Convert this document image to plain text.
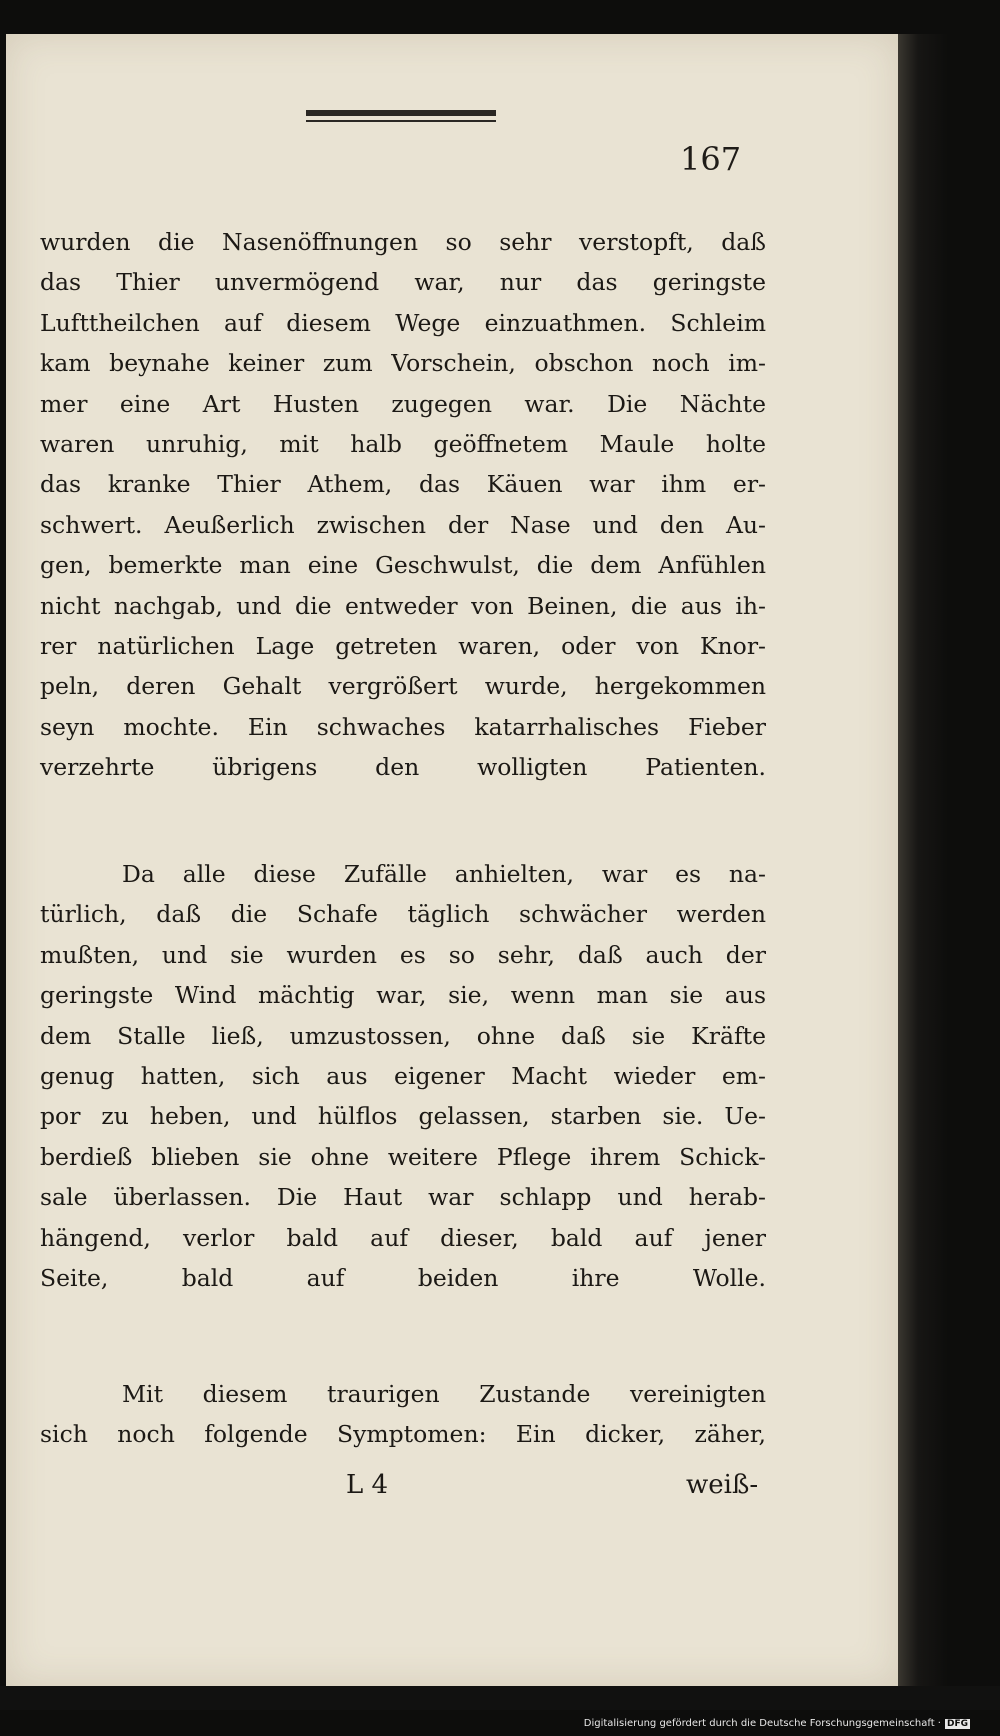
167
wurden die Nasenöffnungen so sehr verstopft, daß
das Thier unvermögend war, nur das geringste
Lufttheilchen auf diesem Wege einzuathmen. Schleim
kam beynahe keiner zum Vorschein, obschon noch im-
mer eine Art Husten zugegen war. Die Nächte
waren unruhig, mit halb geöffnetem Maule holte
das kranke Thier Athem, das Käuen war ihm er-
schwert. Aeußerlich zwischen der Nase und den Au-
gen, bemerkte man eine Geschwulst, die dem Anfühlen
nicht nachgab, und die entweder von Beinen, die aus ih-
rer natürlichen Lage getreten waren, oder von Knor-
peln, deren Gehalt vergrößert wurde, hergekommen
seyn mochte. Ein schwaches katarrhalisches Fieber
verzehrte übrigens den wolligten Patienten.
Da alle diese Zufälle anhielten, war es na-
türlich, daß die Schafe täglich schwächer werden
mußten, und sie wurden es so sehr, daß auch der
geringste Wind mächtig war, sie, wenn man sie aus
dem Stalle ließ, umzustossen, ohne daß sie Kräfte
genug hatten, sich aus eigener Macht wieder em-
por zu heben, und hülflos gelassen, starben sie. Ue-
berdieß blieben sie ohne weitere Pflege ihrem Schick-
sale überlassen. Die Haut war schlapp und herab-
hängend, verlor bald auf dieser, bald auf jener
Seite, bald auf beiden ihre Wolle.
Mit diesem traurigen Zustande vereinigten
sich noch folgende Symptomen: Ein dicker, zäher,
L 4	weiß-
Digitalisierung gefördert durch die Deutsche Forschungsgemeinschaft · DFG
